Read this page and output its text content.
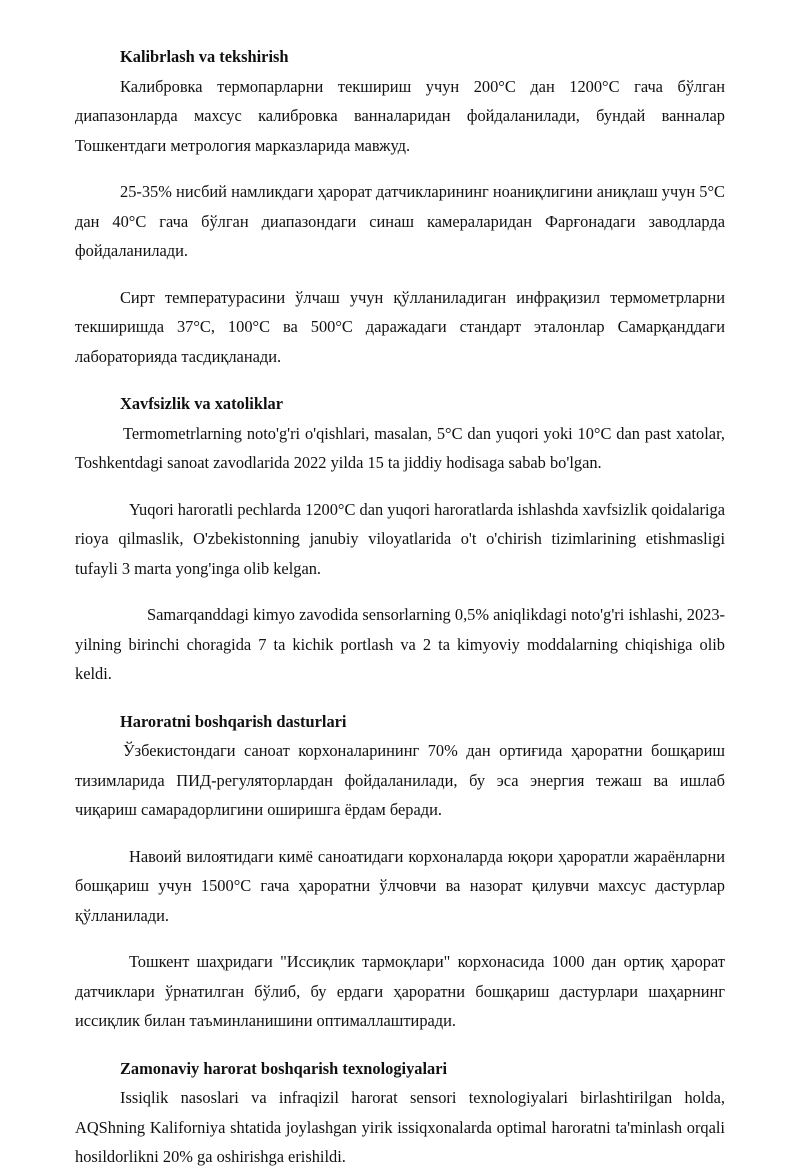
Kalibrlash va tekshirish
Калибровка термопарларни текшириш учун 200°C дан 1200°C гача бўлган диапазонларда махсус калибровка ванналаридан фойдаланилади, бундай ванналар Тошкентдаги метрология марказларида мавжуд.
25-35% нисбий намликдаги ҳарорат датчикларининг ноаниқлигини аниқлаш учун 5°C дан 40°C гача бўлган диапазондаги синаш камераларидан Фарғонадаги заводларда фойдаланилади.
Сирт температурасини ўлчаш учун қўлланиладиган инфрақизил термометрларни текширишда 37°C, 100°C ва 500°C даражадаги стандарт эталонлар Самарқанддаги лабораторияда тасдиқланади.
Xavfsizlik va xatoliklar
Termometrlarning noto'g'ri o'qishlari, masalan, 5°C dan yuqori yoki 10°C dan past xatolar, Toshkentdagi sanoat zavodlarida 2022 yilda 15 ta jiddiy hodisaga sabab bo'lgan.
Yuqori haroratli pechlarda 1200°C dan yuqori haroratlarda ishlashda xavfsizlik qoidalariga rioya qilmaslik, O'zbekistonning janubiy viloyatlarida o't o'chirish tizimlarining etishmasligi tufayli 3 marta yong'inga olib kelgan.
Samarqanddagi kimyo zavodida sensorlarning 0,5% aniqlikdagi noto'g'ri ishlashi, 2023-yilning birinchi choragida 7 ta kichik portlash va 2 ta kimyoviy moddalarning chiqishiga olib keldi.
Haroratni boshqarish dasturlari
Ўзбекистондаги саноат корхоналарининг 70% дан ортиғида ҳароратни бошқариш тизимларида ПИД-регуляторлардан фойдаланилади, бу эса энергия тежаш ва ишлаб чиқариш самарадорлигини оширишга ёрдам беради.
Навоий вилоятидаги кимё саноатидаги корхоналарда юқори ҳароратли жараёнларни бошқариш учун 1500°C гача ҳароратни ўлчовчи ва назорат қилувчи махсус дастурлар қўлланилади.
Тошкент шаҳридаги "Иссиқлик тармоқлари" корхонасида 1000 дан ортиқ ҳарорат датчиклари ўрнатилган бўлиб, бу ердаги ҳароратни бошқариш дастурлари шаҳарнинг иссиқлик билан таъминланишини оптималлаштиради.
Zamonaviy harorat boshqarish texnologiyalari
Issiqlik nasoslari va infraqizil harorat sensori texnologiyalari birlashtirilgan holda, AQShning Kaliforniya shtatida joylashgan yirik issiqxonalarda optimal haroratni ta'minlash orqali hosildorlikni 20% ga oshirishga erishildi.
